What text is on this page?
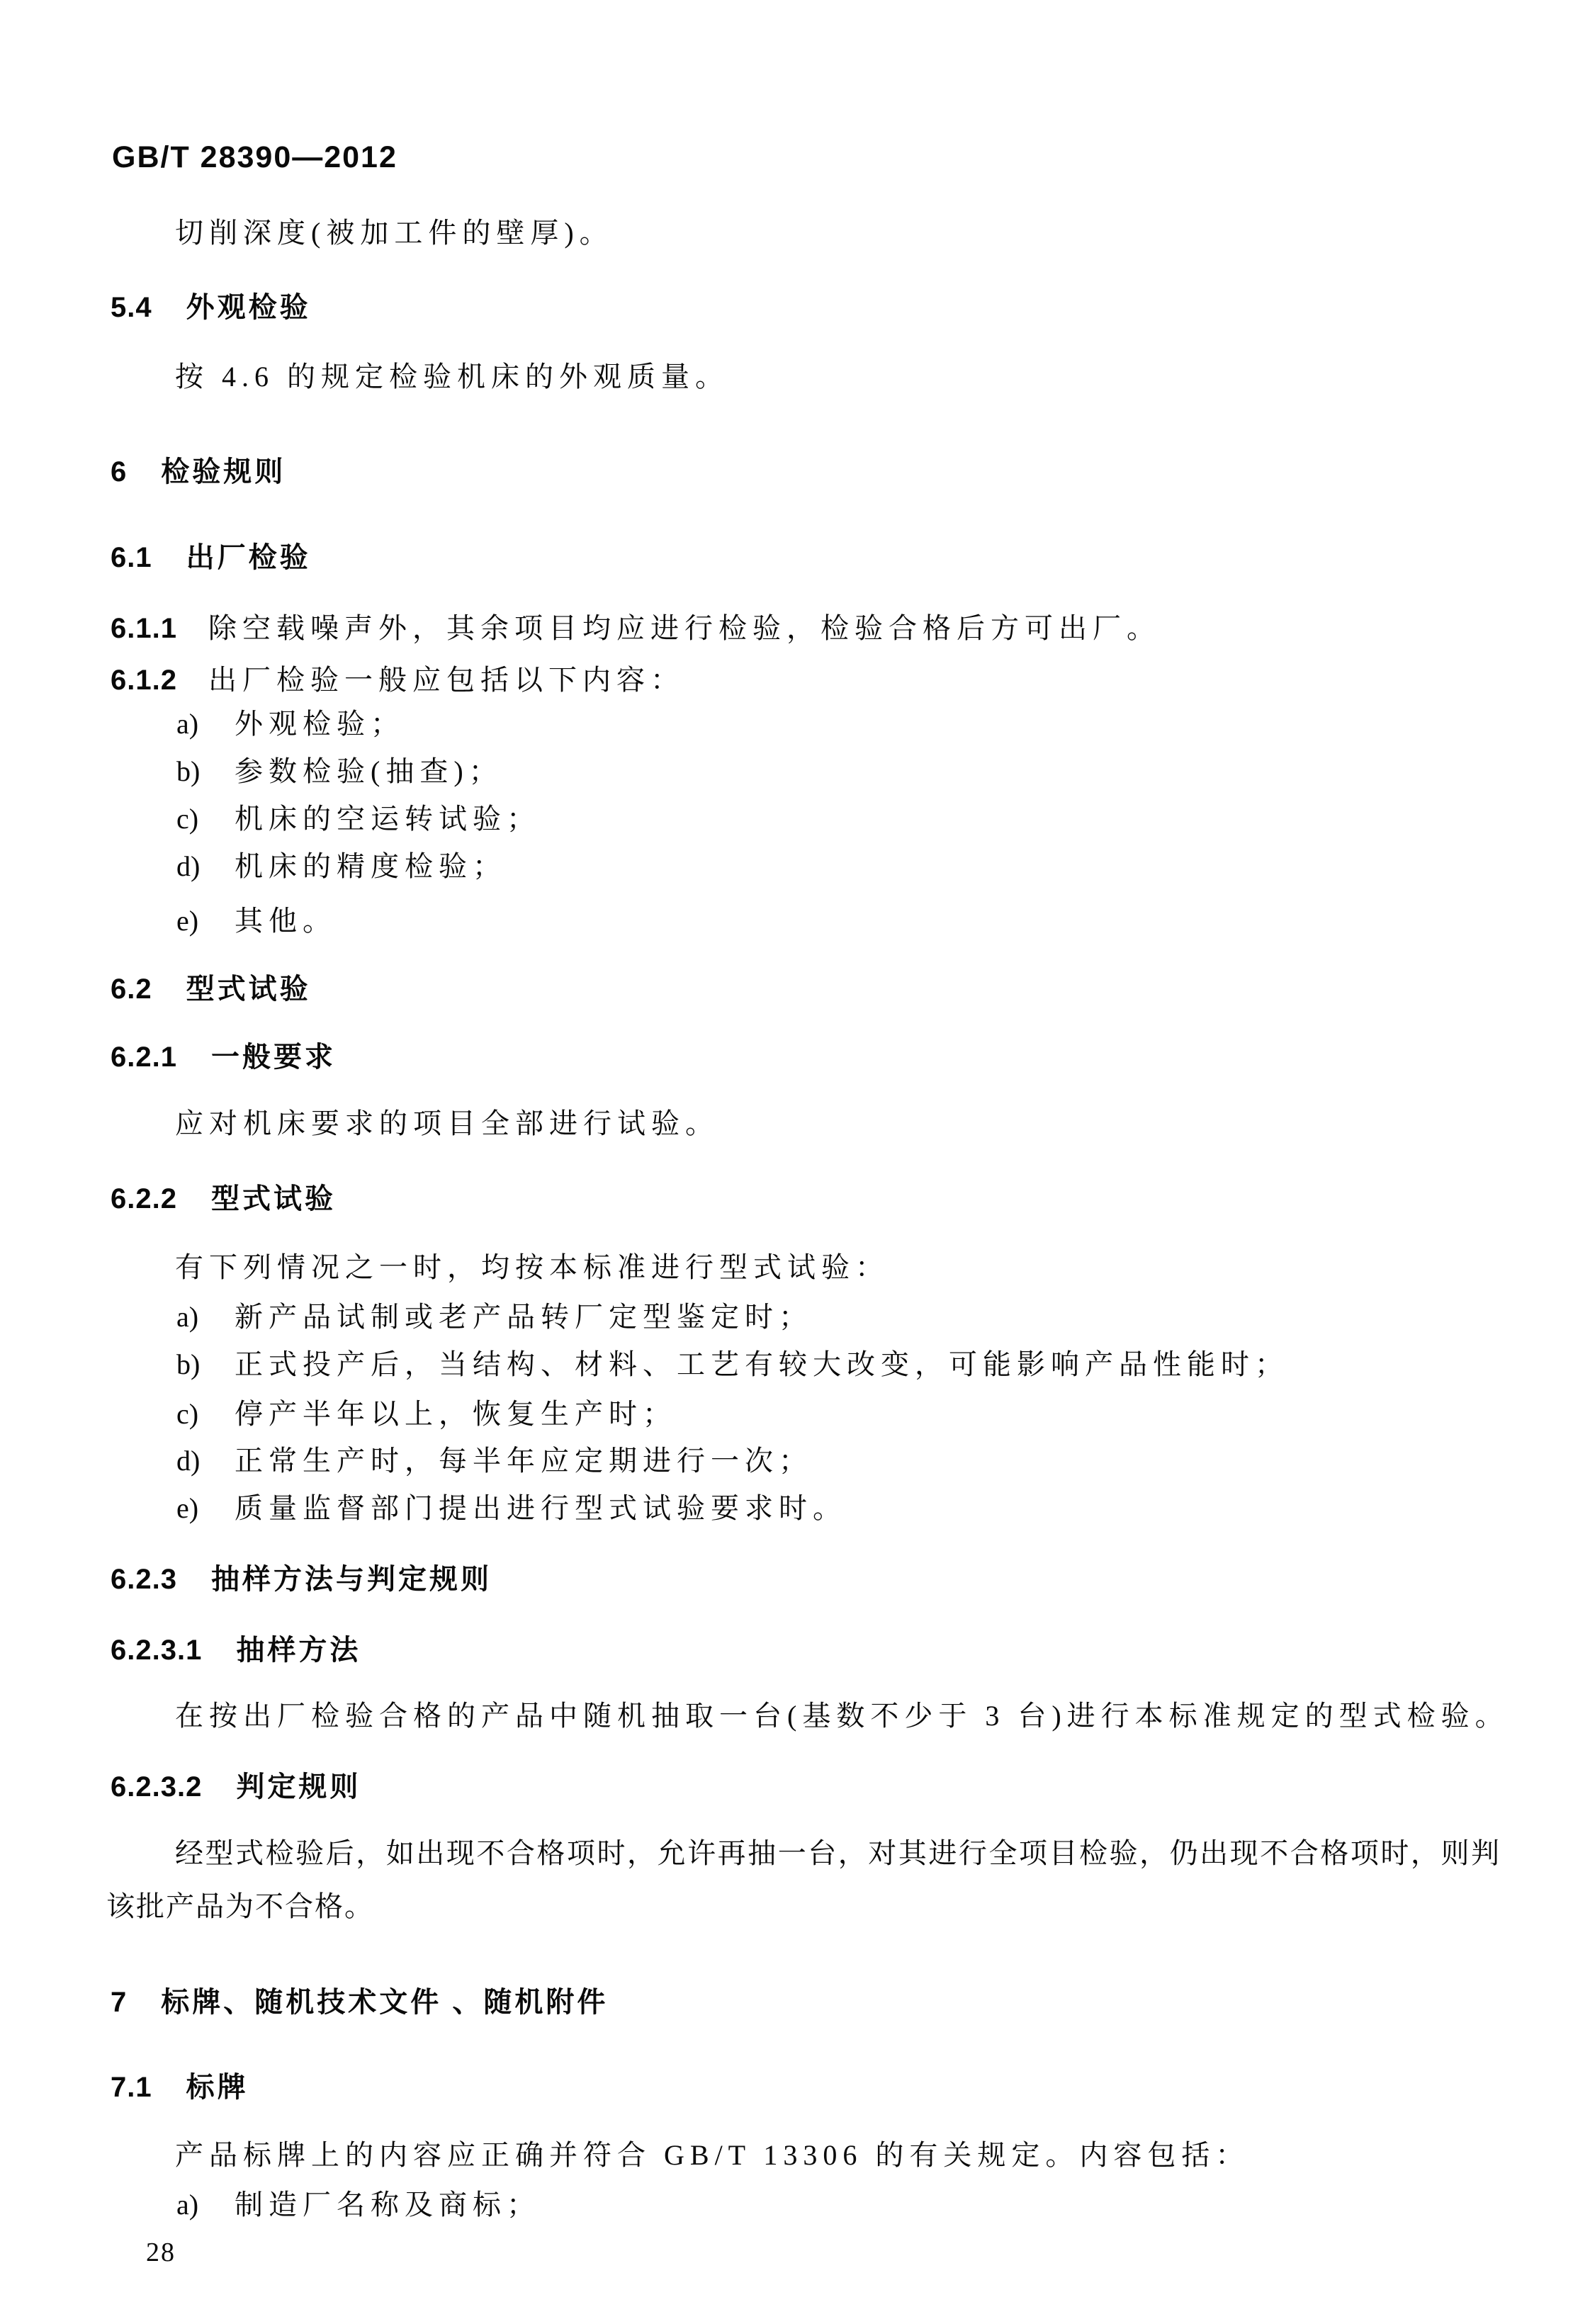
GB/T 28390—2012
切削深度(被加工件的壁厚)。
5.4 外观检验
按 4.6 的规定检验机床的外观质量。
6 检验规则
6.1 出厂检验
6.1.1 除空载噪声外，其余项目均应进行检验，检验合格后方可出厂。
6.1.2 出厂检验一般应包括以下内容：
a) 外观检验；
b) 参数检验(抽查)；
c) 机床的空运转试验；
d) 机床的精度检验；
e) 其他。
6.2 型式试验
6.2.1 一般要求
应对机床要求的项目全部进行试验。
6.2.2 型式试验
有下列情况之一时，均按本标准进行型式试验：
a) 新产品试制或老产品转厂定型鉴定时；
b) 正式投产后，当结构、材料、工艺有较大改变，可能影响产品性能时；
c) 停产半年以上，恢复生产时；
d) 正常生产时，每半年应定期进行一次；
e) 质量监督部门提出进行型式试验要求时。
6.2.3 抽样方法与判定规则
6.2.3.1 抽样方法
在按出厂检验合格的产品中随机抽取一台(基数不少于 3 台)进行本标准规定的型式检验。
6.2.3.2 判定规则
经型式检验后，如出现不合格项时，允许再抽一台，对其进行全项目检验，仍出现不合格项时，则判该批产品为不合格。
7 标牌、随机技术文件 、随机附件
7.1 标牌
产品标牌上的内容应正确并符合 GB/T 13306 的有关规定。内容包括：
a) 制造厂名称及商标；
28
